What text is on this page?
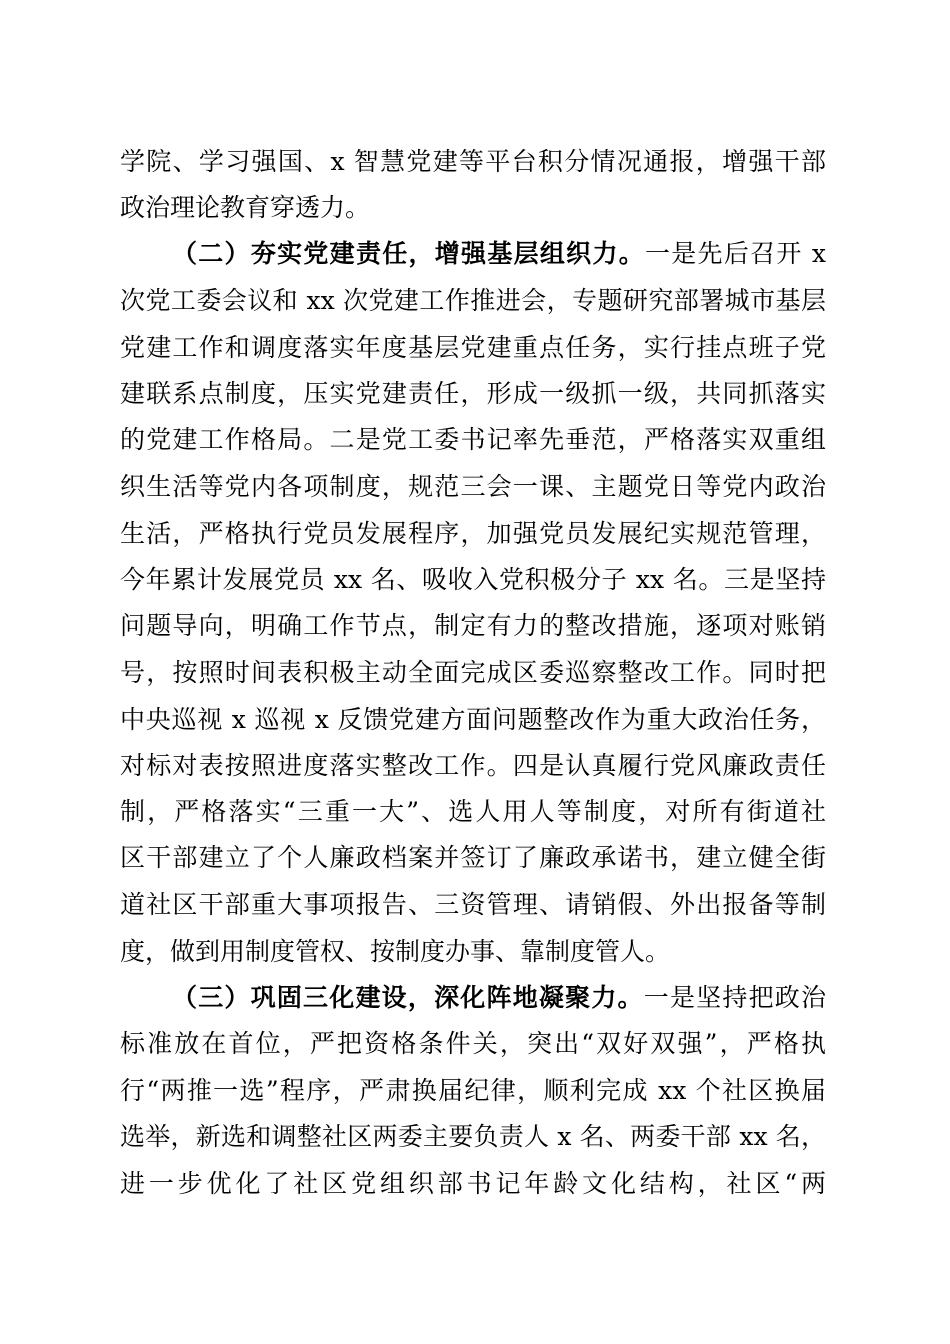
学院、学习强国、x 智慧党建等平台积分情况通报，增强干部
政治理论教育穿透力。
（二）夯实党建责任，增强基层组织力。一是先后召开 x
次党工委会议和 xx 次党建工作推进会，专题研究部署城市基层
党建工作和调度落实年度基层党建重点任务，实行挂点班子党
建联系点制度，压实党建责任，形成一级抓一级，共同抓落实
的党建工作格局。二是党工委书记率先垂范，严格落实双重组
织生活等党内各项制度，规范三会一课、主题党日等党内政治
生活，严格执行党员发展程序，加强党员发展纪实规范管理，
今年累计发展党员 xx 名、吸收入党积极分子 xx 名。三是坚持
问题导向，明确工作节点，制定有力的整改措施，逐项对账销
号，按照时间表积极主动全面完成区委巡察整改工作。同时把
中央巡视 x 巡视 x 反馈党建方面问题整改作为重大政治任务，
对标对表按照进度落实整改工作。四是认真履行党风廉政责任
制，严格落实“三重一大”、选人用人等制度，对所有街道社
区干部建立了个人廉政档案并签订了廉政承诺书，建立健全街
道社区干部重大事项报告、三资管理、请销假、外出报备等制
度，做到用制度管权、按制度办事、靠制度管人。
（三）巩固三化建设，深化阵地凝聚力。一是坚持把政治
标准放在首位，严把资格条件关，突出“双好双强”，严格执
行“两推一选”程序，严肃换届纪律，顺利完成 xx 个社区换届
选举，新选和调整社区两委主要负责人 x 名、两委干部 xx 名，
进一步优化了社区党组织部书记年龄文化结构，社区“两
